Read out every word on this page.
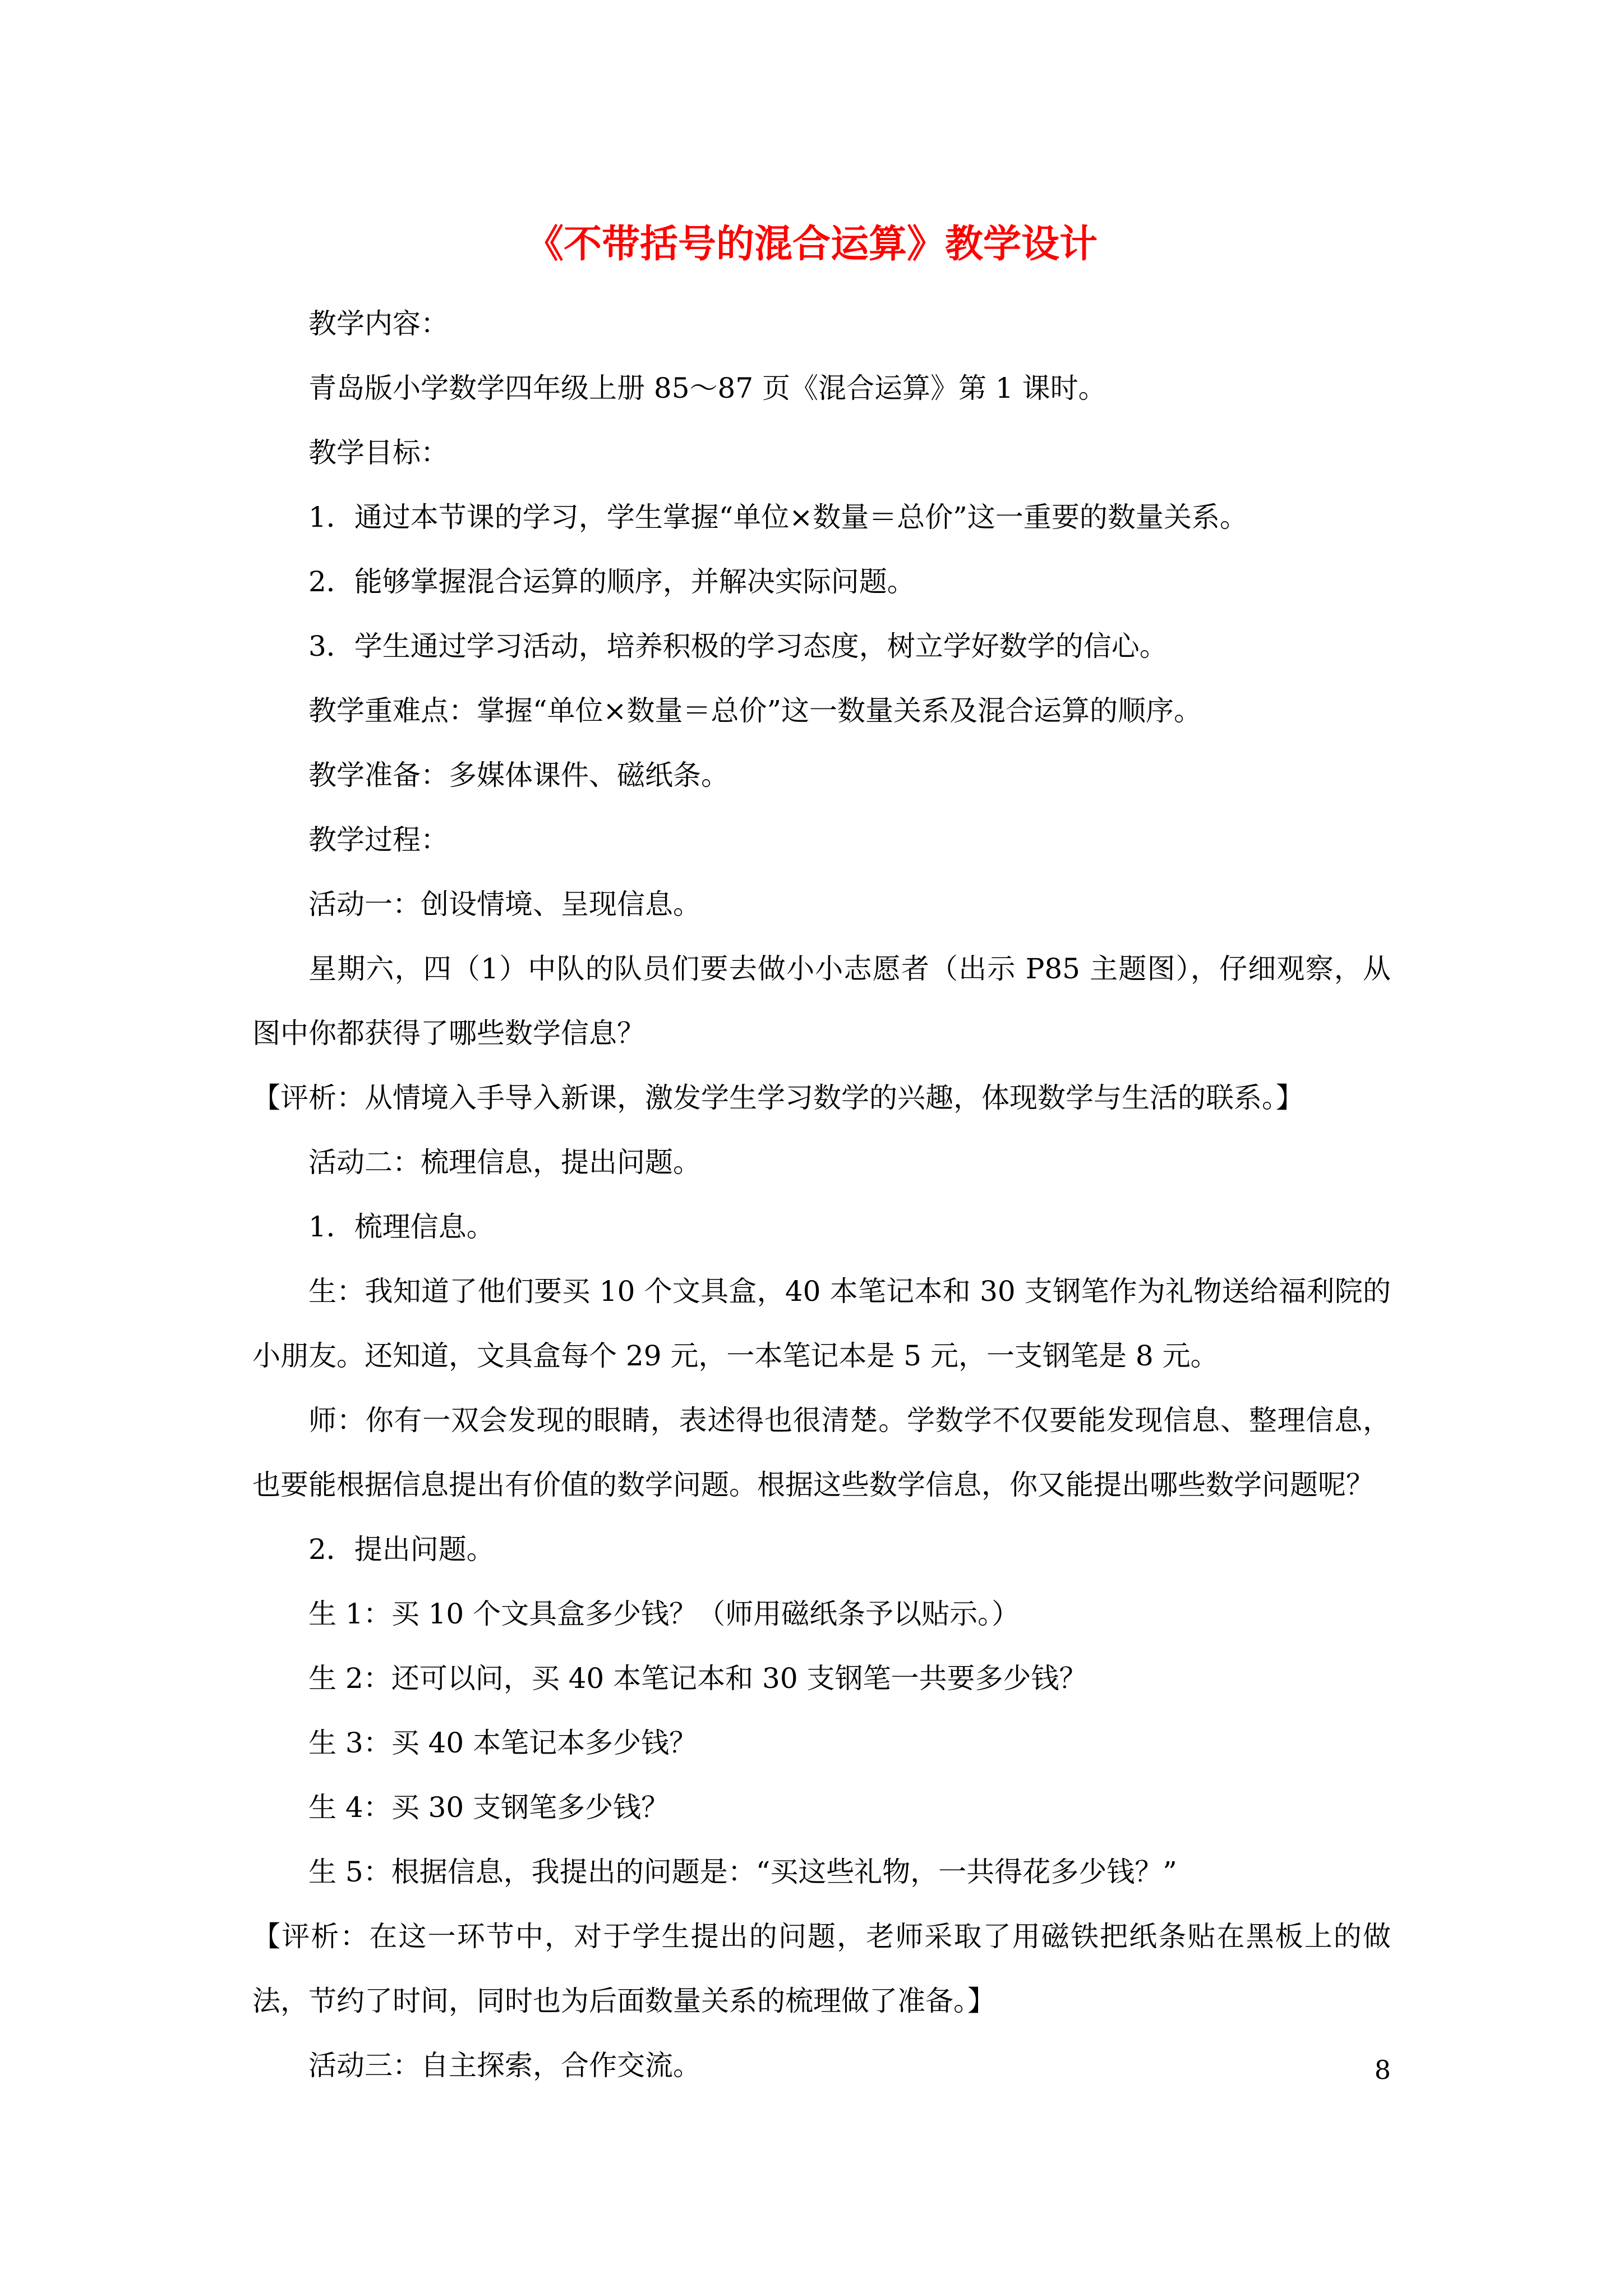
《不带括号的混合运算》教学设计

教学内容：

青岛版小学数学四年级上册 85～87 页《混合运算》第 1 课时。

教学目标：

1．通过本节课的学习，学生掌握“单位×数量＝总价”这一重要的数量关系。

2．能够掌握混合运算的顺序，并解决实际问题。

3．学生通过学习活动，培养积极的学习态度，树立学好数学的信心。

教学重难点：掌握“单位×数量＝总价”这一数量关系及混合运算的顺序。

教学准备：多媒体课件、磁纸条。

教学过程：

活动一：创设情境、呈现信息。

星期六，四（1）中队的队员们要去做小小志愿者（出示 P85 主题图），仔细观察，从图中你都获得了哪些数学信息？

【评析：从情境入手导入新课，激发学生学习数学的兴趣，体现数学与生活的联系。】

活动二：梳理信息，提出问题。

1．梳理信息。

生：我知道了他们要买 10 个文具盒，40 本笔记本和 30 支钢笔作为礼物送给福利院的小朋友。还知道，文具盒每个 29 元，一本笔记本是 5 元，一支钢笔是 8 元。

师：你有一双会发现的眼睛，表述得也很清楚。学数学不仅要能发现信息、整理信息，也要能根据信息提出有价值的数学问题。根据这些数学信息，你又能提出哪些数学问题呢？

2．提出问题。

生 1：买 10 个文具盒多少钱？（师用磁纸条予以贴示。）

生 2：还可以问，买 40 本笔记本和 30 支钢笔一共要多少钱？

生 3：买 40 本笔记本多少钱？

生 4：买 30 支钢笔多少钱？

生 5：根据信息，我提出的问题是：“买这些礼物，一共得花多少钱？”

【评析：在这一环节中，对于学生提出的问题，老师采取了用磁铁把纸条贴在黑板上的做法，节约了时间，同时也为后面数量关系的梳理做了准备。】

活动三：自主探索，合作交流。	8
